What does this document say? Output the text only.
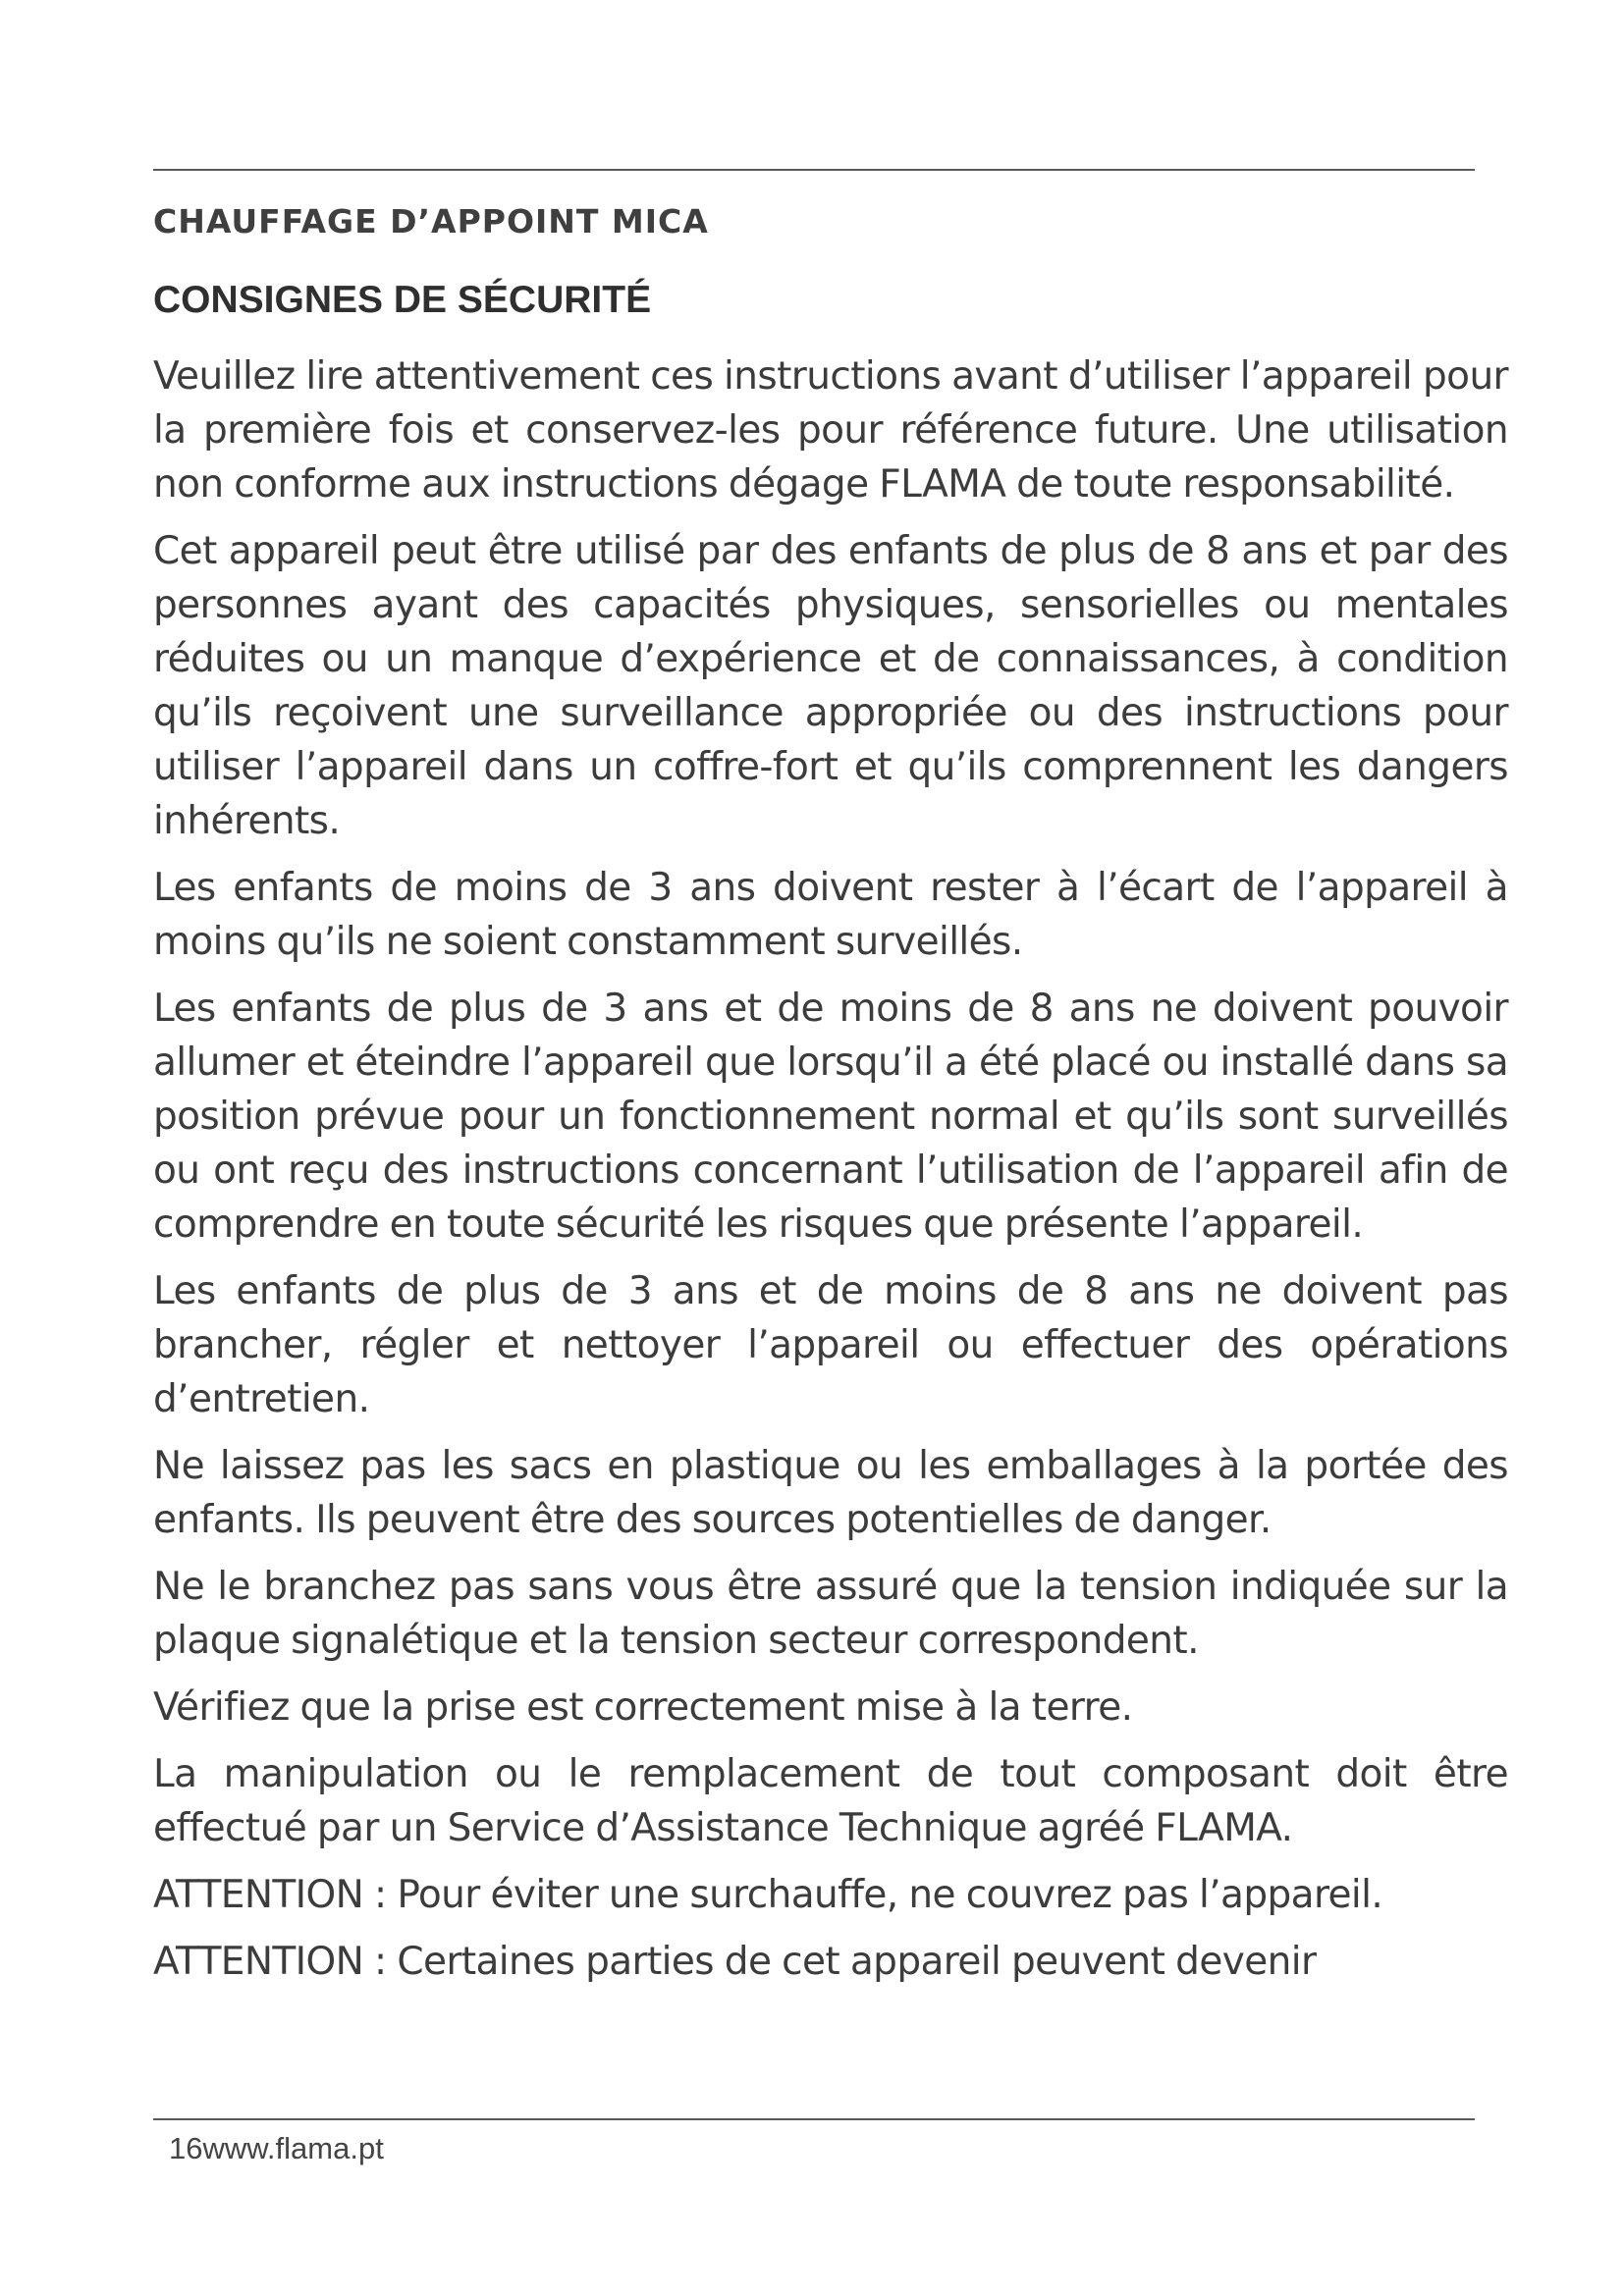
CHAUFFAGE D’APPOINT MICA
CONSIGNES DE SÉCURITÉ

Veuillez lire attentivement ces instructions avant d’utiliser l’appareil pour la première fois et conservez-les pour référence future. Une utilisation non conforme aux instructions dégage FLAMA de toute responsabilité.

Cet appareil peut être utilisé par des enfants de plus de 8 ans et par des personnes ayant des capacités physiques, sensorielles ou mentales réduites ou un manque d’expérience et de connaissances, à condition qu’ils reçoivent une surveillance appropriée ou des instructions pour utiliser l’appareil dans un coffre-fort et qu’ils comprennent les dangers inhérents.

Les enfants de moins de 3 ans doivent rester à l’écart de l’appareil à moins qu’ils ne soient constamment surveillés.

Les enfants de plus de 3 ans et de moins de 8 ans ne doivent pouvoir allumer et éteindre l’appareil que lorsqu’il a été placé ou installé dans sa position prévue pour un fonctionnement normal et qu’ils sont surveillés ou ont reçu des instructions concernant l’utilisation de l’appareil afin de comprendre en toute sécurité les risques que présente l’appareil.

Les enfants de plus de 3 ans et de moins de 8 ans ne doivent pas brancher, régler et nettoyer l’appareil ou effectuer des opérations d’entretien.

Ne laissez pas les sacs en plastique ou les emballages à la portée des enfants. Ils peuvent être des sources potentielles de danger.

Ne le branchez pas sans vous être assuré que la tension indiquée sur la plaque signalétique et la tension secteur correspondent.

Vérifiez que la prise est correctement mise à la terre.

La manipulation ou le remplacement de tout composant doit être effectué par un Service d’Assistance Technique agréé FLAMA.

ATTENTION : Pour éviter une surchauffe, ne couvrez pas l’appareil.

ATTENTION : Certaines parties de cet appareil peuvent devenir

16www.flama.pt
